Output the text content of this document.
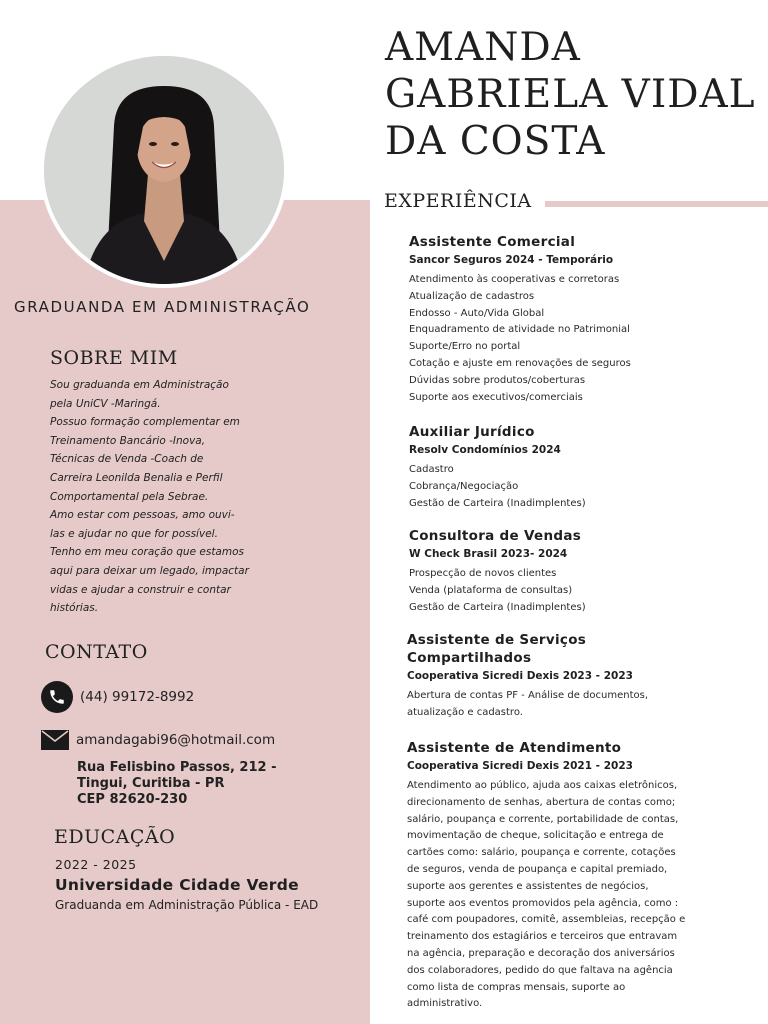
AMANDA
GABRIELA VIDAL
DA COSTA
GRADUANDA EM ADMINISTRAÇÃO
EXPERIÊNCIA
SOBRE MIM
Sou graduanda em Administração
pela UniCV -Maringá.
Possuo formação complementar em
Treinamento Bancário -Inova,
Técnicas de Venda -Coach de
Carreira Leonilda Benalia e Perfil
Comportamental pela Sebrae.
Amo estar com pessoas, amo ouvi-
las e ajudar no que for possível.
Tenho em meu coração que estamos
aqui para deixar um legado, impactar
vidas e ajudar a construir e contar
histórias.
CONTATO
(44) 99172-8992
amandagabi96@hotmail.com
Rua Felisbino Passos, 212 -
Tingui, Curitiba - PR
CEP 82620-230
EDUCAÇÃO
2022 - 2025
Universidade Cidade Verde
Graduanda em Administração Pública - EAD
Assistente Comercial
Sancor Seguros 2024 - Temporário
Atendimento às cooperativas e corretoras
Atualização de cadastros
Endosso - Auto/Vida Global
Enquadramento de atividade no Patrimonial
Suporte/Erro no portal
Cotação e ajuste em renovações de seguros
Dúvidas sobre produtos/coberturas
Suporte aos executivos/comerciais
Auxiliar Jurídico
Resolv Condomínios 2024
Cadastro
Cobrança/Negociação
Gestão de Carteira (Inadimplentes)
Consultora de Vendas
W Check Brasil 2023- 2024
Prospecção de novos clientes
Venda (plataforma de consultas)
Gestão de Carteira (Inadimplentes)
Assistente de Serviços
Compartilhados
Cooperativa Sicredi Dexis 2023 - 2023
Abertura de contas PF - Análise de documentos,
atualização e cadastro.
Assistente de Atendimento
Cooperativa Sicredi Dexis 2021 - 2023
Atendimento ao público, ajuda aos caixas eletrônicos,
direcionamento de senhas, abertura de contas como;
salário, poupança e corrente, portabilidade de contas,
movimentação de cheque, solicitação e entrega de
cartões como: salário, poupança e corrente, cotações
de seguros, venda de poupança e capital premiado,
suporte aos gerentes e assistentes de negócios,
suporte aos eventos promovidos pela agência, como :
café com poupadores, comitê, assembleias, recepção e
treinamento dos estagiários e terceiros que entravam
na agência, preparação e decoração dos aniversários
dos colaboradores, pedido do que faltava na agência
como lista de compras mensais, suporte ao
administrativo.
